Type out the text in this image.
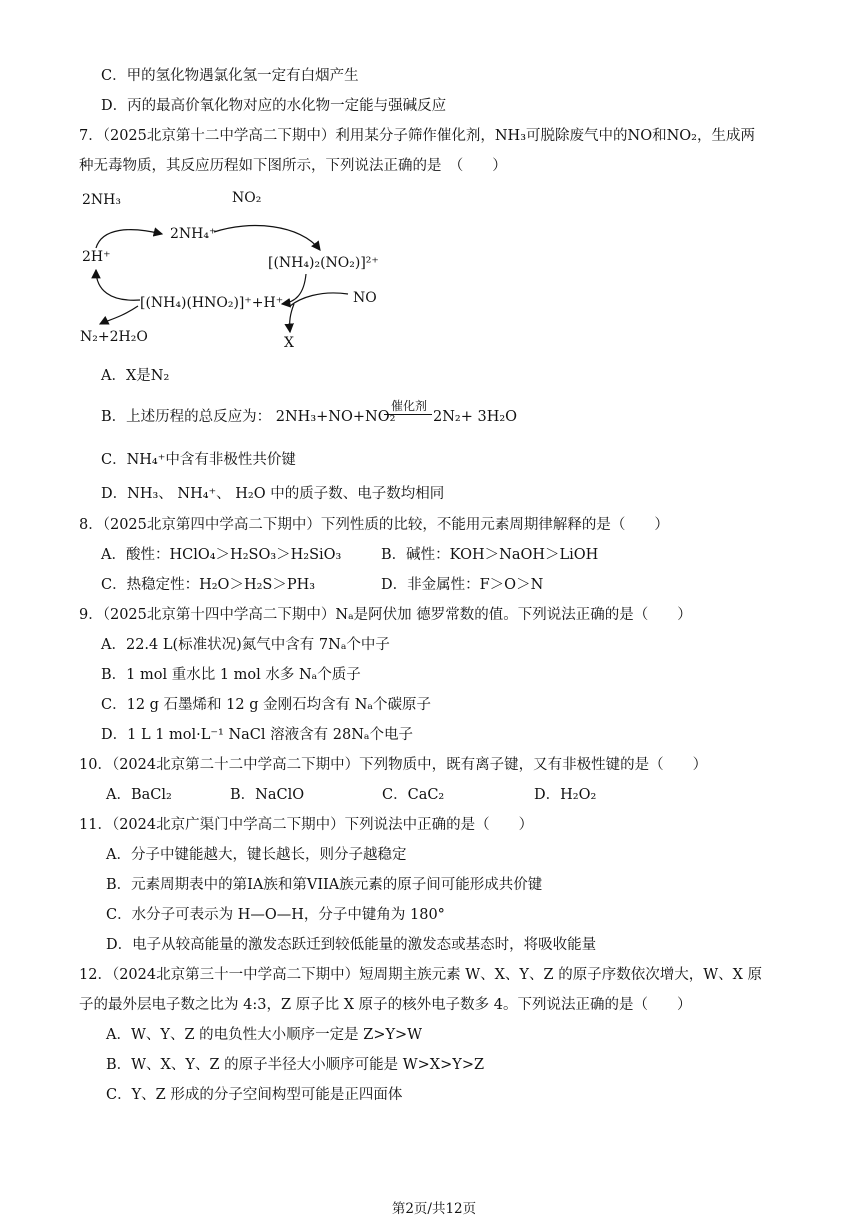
C．甲的氢化物遇氯化氢一定有白烟产生
D．丙的最高价氧化物对应的水化物一定能与强碱反应
7．（2025北京第十二中学高二下期中）利用某分子筛作催化剂，NH₃可脱除废气中的NO和NO₂，生成两
种无毒物质，其反应历程如下图所示，下列说法正确的是　（　　）
2NH₃
2NH₄⁺
NO₂
[(NH₄)₂(NO₂)]²⁺
2H⁺
NO
[(NH₄)(HNO₂)]⁺+H⁺
N₂+2H₂O	X
A．X是N₂
B．上述历程的总反应为： 2NH₃+NO+NO₂
催化剂
2N₂+ 3H₂O
C．NH₄⁺中含有非极性共价键
D．NH₃、 NH₄⁺、 H₂O 中的质子数、电子数均相同
8．（2025北京第四中学高二下期中）下列性质的比较，不能用元素周期律解释的是（　　）
A．酸性：HClO₄＞H₂SO₃＞H₂SiO₃	B．碱性：KOH＞NaOH＞LiOH
C．热稳定性：H₂O＞H₂S＞PH₃	D．非金属性：F＞O＞N
9．（2025北京第十四中学高二下期中）Nₐ是阿伏加 德罗常数的值。下列说法正确的是（　　）
A．22.4 L(标准状况)氮气中含有 7Nₐ个中子
B．1 mol 重水比 1 mol 水多 Nₐ个质子
C．12 g 石墨烯和 12 g 金刚石均含有 Nₐ个碳原子
D．1 L 1 mol·L⁻¹ NaCl 溶液含有 28Nₐ个电子
10．（2024北京第二十二中学高二下期中）下列物质中，既有离子键，又有非极性键的是（　　）
A．BaCl₂	B．NaClO	C．CaC₂	D．H₂O₂
11．（2024北京广渠门中学高二下期中）下列说法中正确的是（　　）
A．分子中键能越大，键长越长，则分子越稳定
B．元素周期表中的第IA族和第VIIA族元素的原子间可能形成共价键
C．水分子可表示为 H—O—H，分子中键角为 180°
D．电子从较高能量的激发态跃迁到较低能量的激发态或基态时，将吸收能量
12．（2024北京第三十一中学高二下期中）短周期主族元素 W、X、Y、Z 的原子序数依次增大，W、X 原
子的最外层电子数之比为 4:3，Z 原子比 X 原子的核外电子数多 4。下列说法正确的是（　　）
A．W、Y、Z 的电负性大小顺序一定是 Z>Y>W
B．W、X、Y、Z 的原子半径大小顺序可能是 W>X>Y>Z
C．Y、Z 形成的分子空间构型可能是正四面体
第2页/共12页
